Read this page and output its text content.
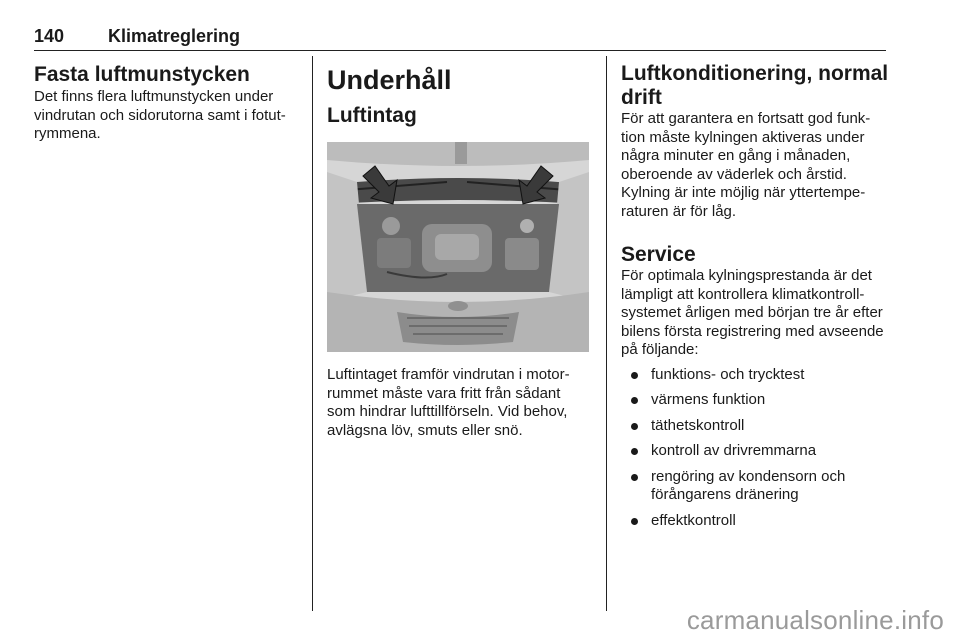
140 Klimatreglering
Fasta luftmunstycken

Det finns flera luftmunstycken under vindrutan och sidorutorna samt i fotut-rymmena.

Underhåll
Luftintag

Luftintaget framför vindrutan i motor-rummet måste vara fritt från sådant som hindrar lufttillförseln. Vid behov, avlägsna löv, smuts eller snö.

Luftkonditionering, normal drift

För att garantera en fortsatt god funk-tion måste kylningen aktiveras under några minuter en gång i månaden, oberoende av väderlek och årstid. Kylning är inte möjlig när yttertempe-raturen är för låg.

Service

För optimala kylningsprestanda är det lämpligt att kontrollera klimatkontroll-systemet årligen med början tre år efter bilens första registrering med avseende på följande:

funktions- och trycktest
värmens funktion
täthetskontroll
kontroll av drivremmarna
rengöring av kondensorn och förångarens dränering
effektkontroll
carmanualsonline.info
